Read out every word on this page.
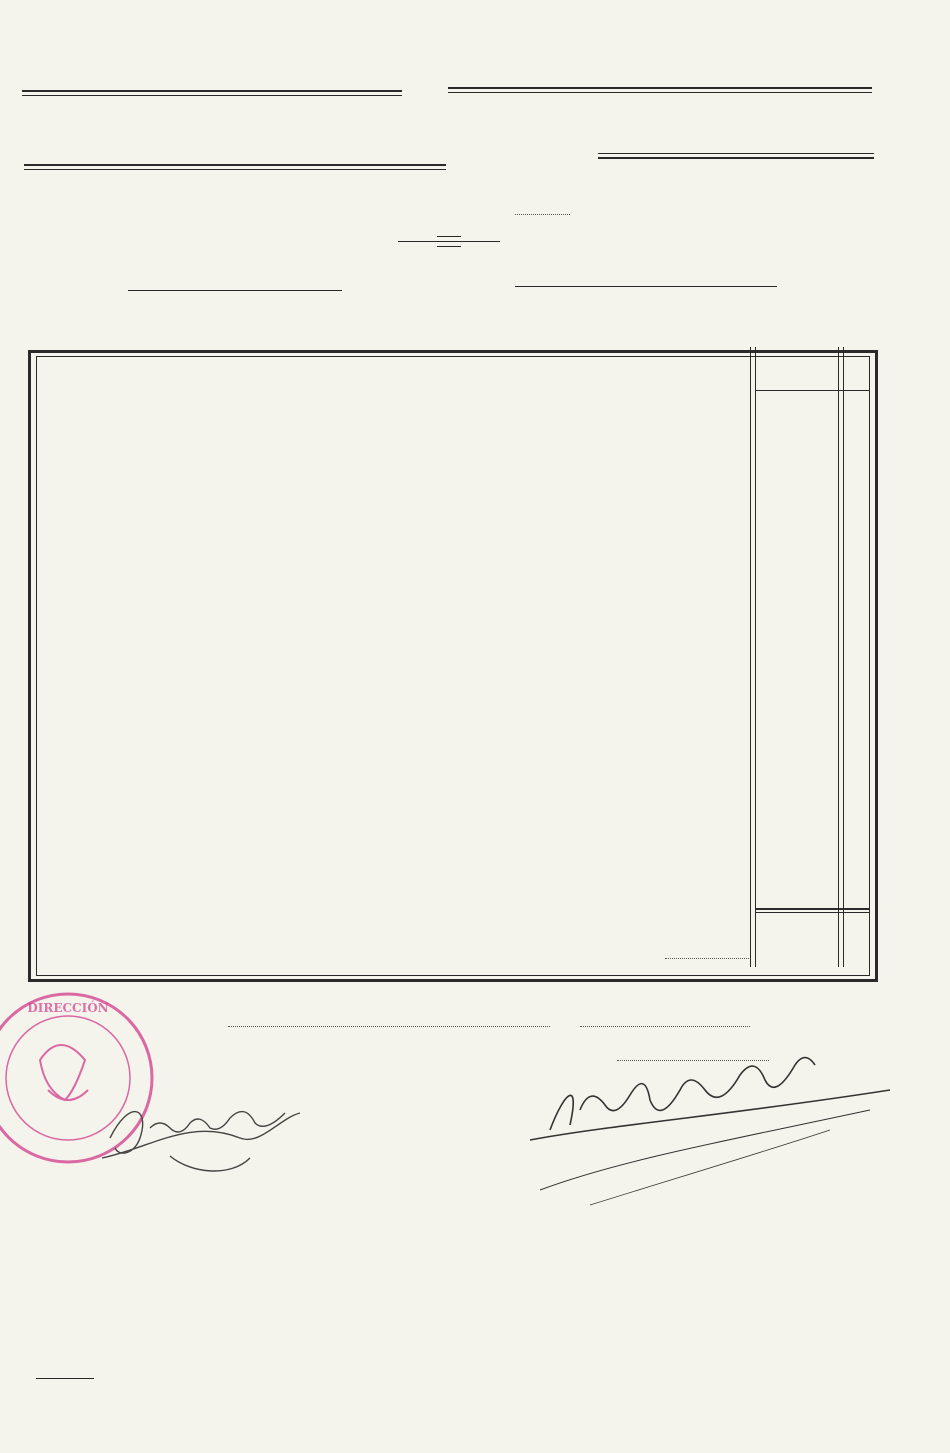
DIRECCIÓN
